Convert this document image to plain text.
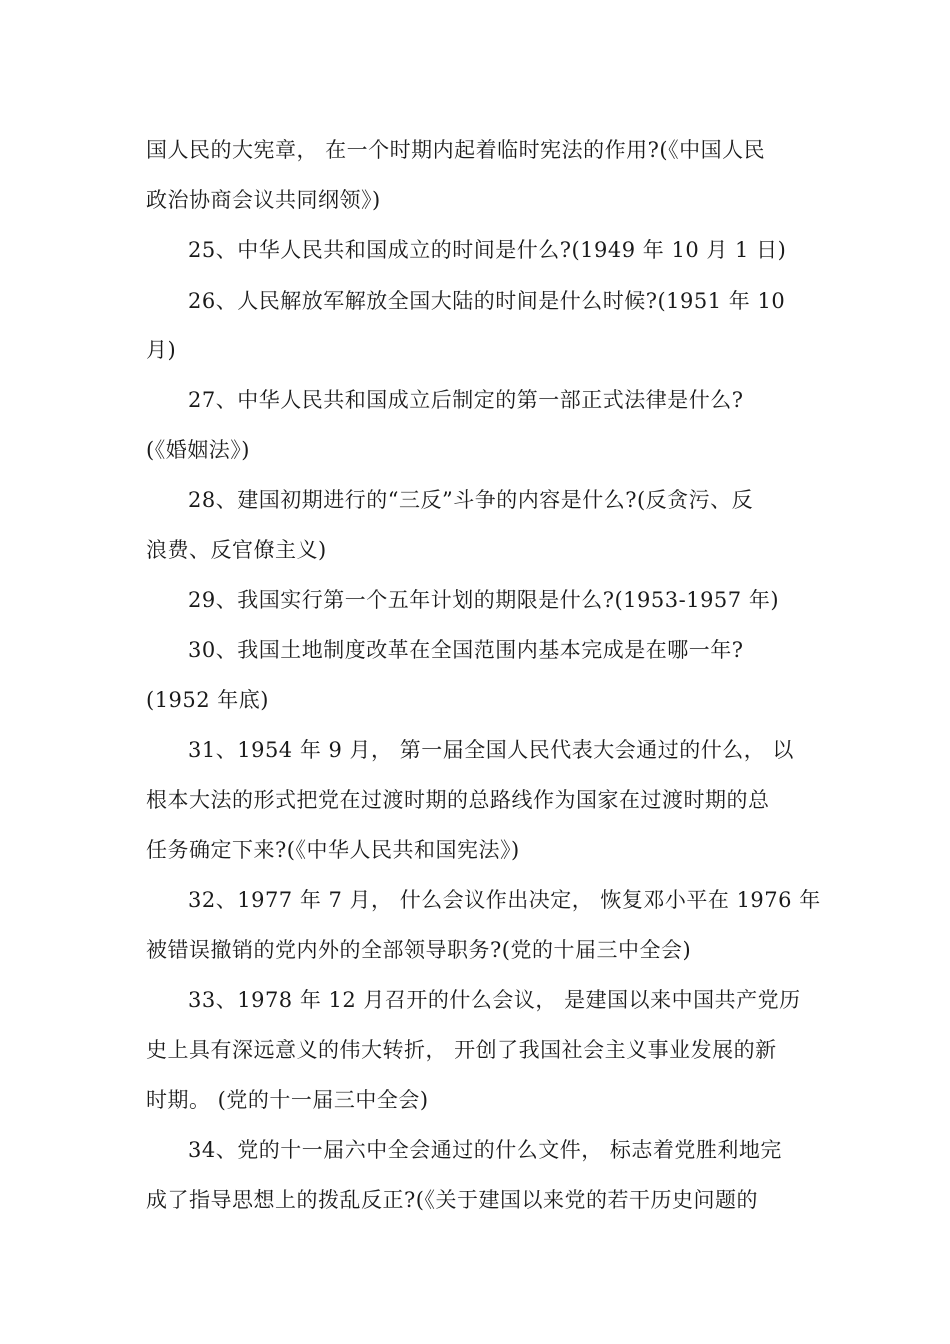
国人民的大宪章， 在一个时期内起着临时宪法的作用?(《中国人民
政治协商会议共同纲领》)
25、中华人民共和国成立的时间是什么?(1949 年 10 月 1 日)
26、人民解放军解放全国大陆的时间是什么时候?(1951 年 10
月)
27、中华人民共和国成立后制定的第一部正式法律是什么?
(《婚姻法》)
28、建国初期进行的“三反”斗争的内容是什么?(反贪污、反
浪费、反官僚主义)
29、我国实行第一个五年计划的期限是什么?(1953-1957 年)
30、我国土地制度改革在全国范围内基本完成是在哪一年?
(1952 年底)
31、1954 年 9 月， 第一届全国人民代表大会通过的什么， 以
根本大法的形式把党在过渡时期的总路线作为国家在过渡时期的总
任务确定下来?(《中华人民共和国宪法》)
32、1977 年 7 月， 什么会议作出决定， 恢复邓小平在 1976 年
被错误撤销的党内外的全部领导职务?(党的十届三中全会)
33、1978 年 12 月召开的什么会议， 是建国以来中国共产党历
史上具有深远意义的伟大转折， 开创了我国社会主义事业发展的新
时期。 (党的十一届三中全会)
34、党的十一届六中全会通过的什么文件， 标志着党胜利地完
成了指导思想上的拨乱反正?(《关于建国以来党的若干历史问题的
